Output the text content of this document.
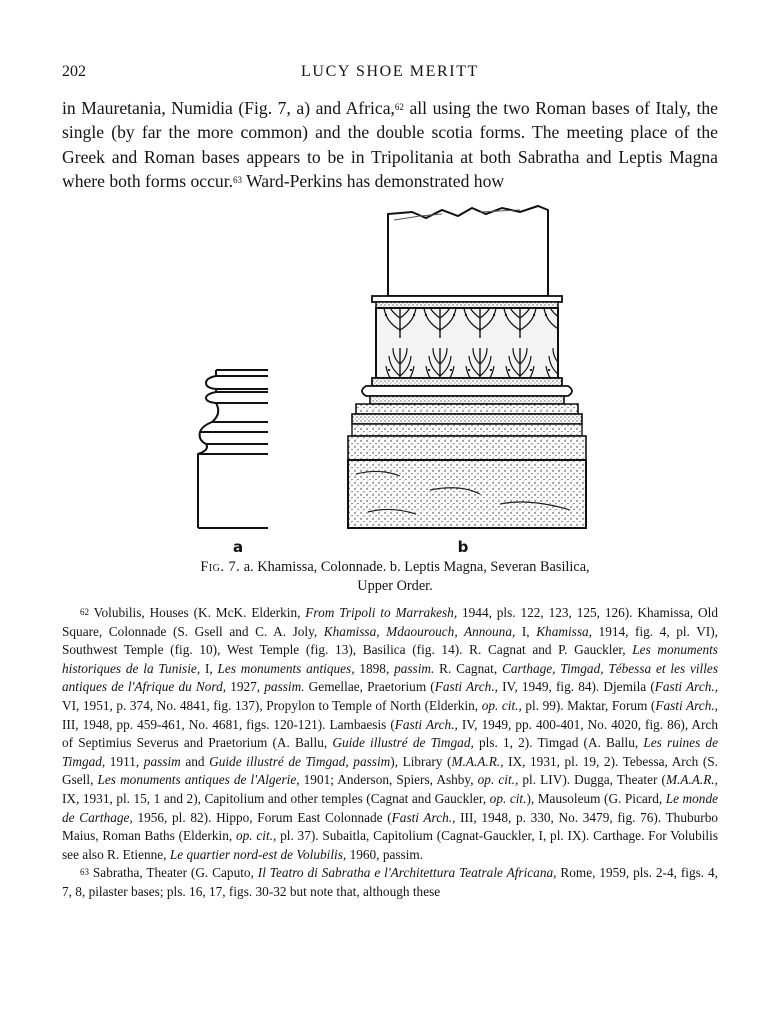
202	LUCY SHOE MERITT

in Mauretania, Numidia (Fig. 7, a) and Africa,$^{62}$ all using the two Roman bases of Italy, the single (by far the more common) and the double scotia forms. The meeting place of the Greek and Roman bases appears to be in Tripolitania at both Sabratha and Leptis Magna where both forms occur.$^{63}$ Ward-Perkins has demonstrated how

a	b
Fig. 7. a. Khamissa, Colonnade. b. Leptis Magna, Severan Basilica, Upper Order.

$^{62}$ Volubilis, Houses (K. McK. Elderkin, From Tripoli to Marrakesh, 1944, pls. 122, 123, 125, 126). Khamissa, Old Square, Colonnade (S. Gsell and C. A. Joly, Khamissa, Mdaourouch, Announa, I, Khamissa, 1914, fig. 4, pl. VI), Southwest Temple (fig. 10), West Temple (fig. 13), Basilica (fig. 14). R. Cagnat and P. Gauckler, Les monuments historiques de la Tunisie, I, Les monuments antiques, 1898, passim. R. Cagnat, Carthage, Timgad, Tébessa et les villes antiques de l'Afrique du Nord, 1927, passim. Gemellae, Praetorium (Fasti Arch., IV, 1949, fig. 84). Djemila (Fasti Arch., VI, 1951, p. 374, No. 4841, fig. 137), Propylon to Temple of North (Elderkin, op. cit., pl. 99). Maktar, Forum (Fasti Arch., III, 1948, pp. 459-461, No. 4681, figs. 120-121). Lambaesis (Fasti Arch., IV, 1949, pp. 400-401, No. 4020, fig. 86), Arch of Septimius Severus and Praetorium (A. Ballu, Guide illustré de Timgad, pls. 1, 2). Timgad (A. Ballu, Les ruines de Timgad, 1911, passim and Guide illustré de Timgad, passim), Library (M.A.A.R., IX, 1931, pl. 19, 2). Tebessa, Arch (S. Gsell, Les monuments antiques de l'Algerie, 1901; Anderson, Spiers, Ashby, op. cit., pl. LIV). Dugga, Theater (M.A.A.R., IX, 1931, pl. 15, 1 and 2), Capitolium and other temples (Cagnat and Gauckler, op. cit.), Mausoleum (G. Picard, Le monde de Carthage, 1956, pl. 82). Hippo, Forum East Colonnade (Fasti Arch., III, 1948, p. 330, No. 3479, fig. 76). Thuburbo Maius, Roman Baths (Elderkin, op. cit., pl. 37). Subaitla, Capitolium (Cagnat-Gauckler, I, pl. IX). Carthage. For Volubilis see also R. Etienne, Le quartier nord-est de Volubilis, 1960, passim.

$^{63}$ Sabratha, Theater (G. Caputo, Il Teatro di Sabratha e l'Architettura Teatrale Africana, Rome, 1959, pls. 2-4, figs. 4, 7, 8, pilaster bases; pls. 16, 17, figs. 30-32 but note that, although these
